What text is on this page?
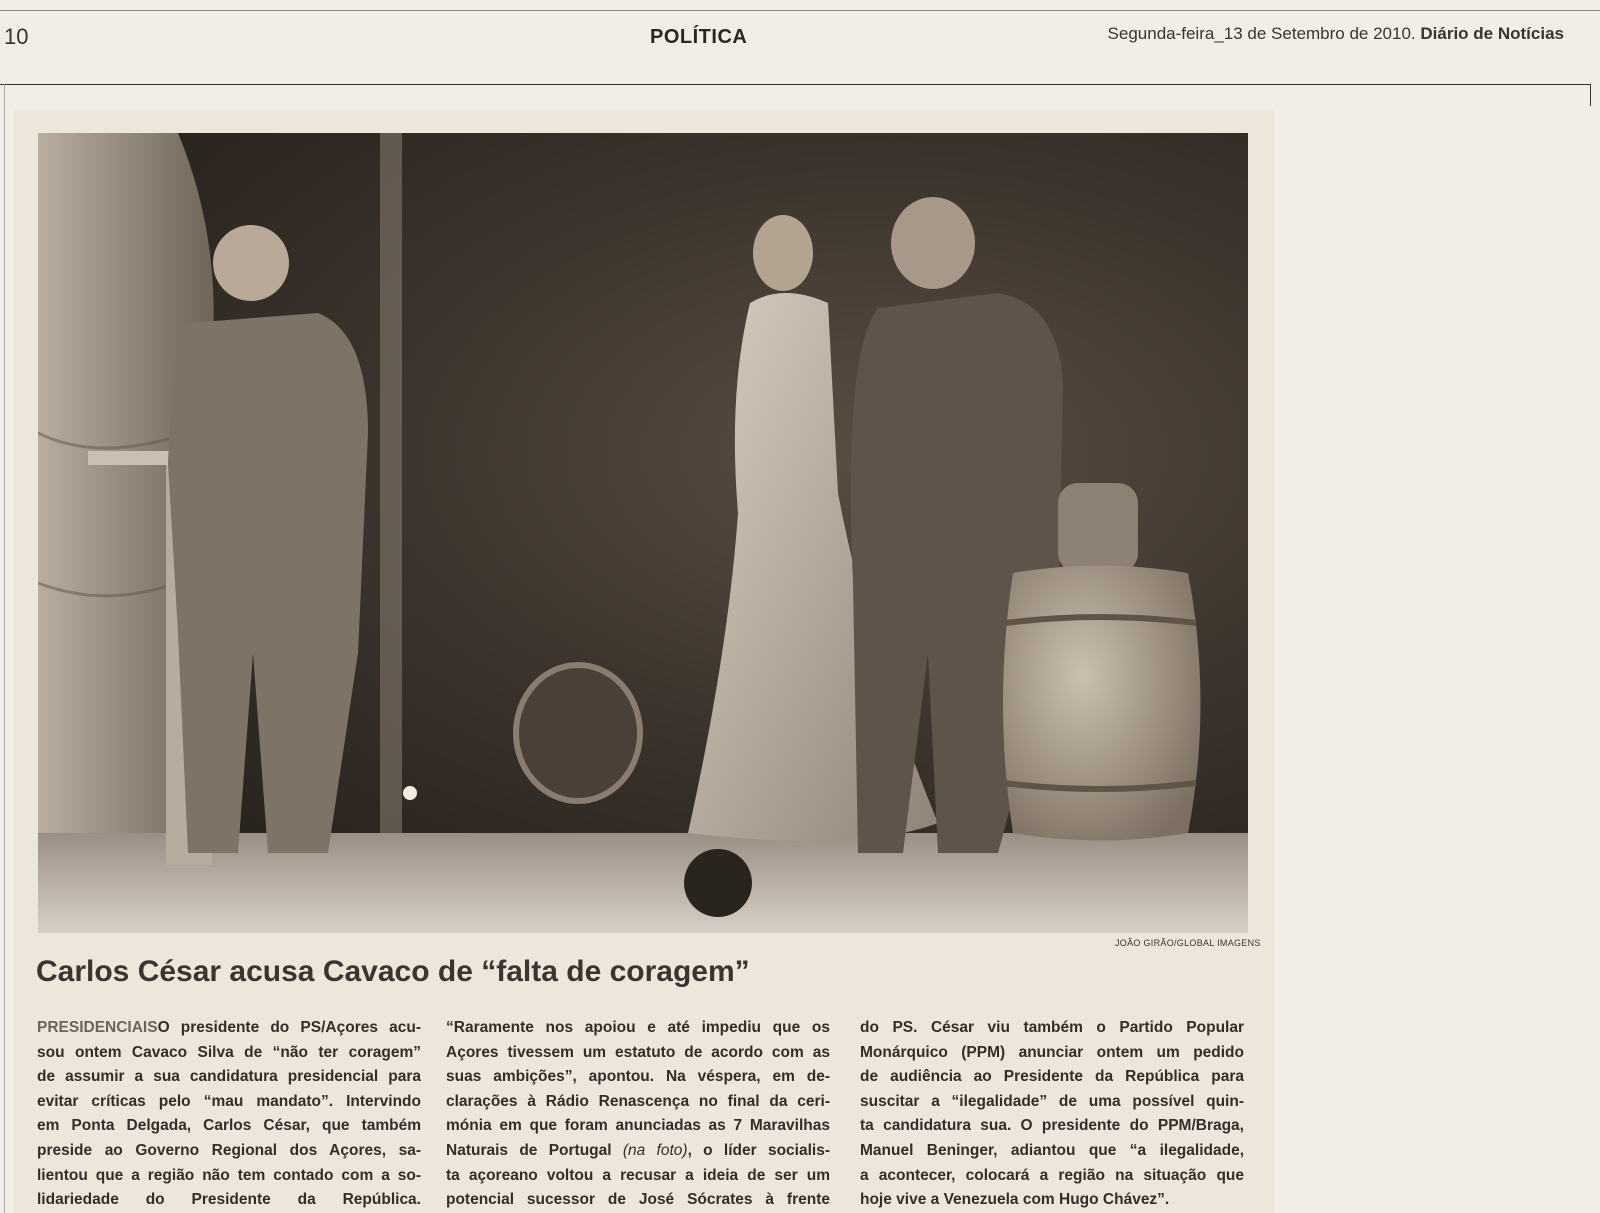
10	POLÍTICA	Segunda-feira_13 de Setembro de 2010. Diário de Notícias
JOÃO GIRÃO/GLOBAL IMAGENS
Carlos César acusa Cavaco de “falta de coragem”
PRESIDENCIAISO presidente do PS/Açores acu-
sou ontem Cavaco Silva de “não ter coragem”
de assumir a sua candidatura presidencial para
evitar críticas pelo “mau mandato”. Intervindo
em Ponta Delgada, Carlos César, que também
preside ao Governo Regional dos Açores, sa-
lientou que a região não tem contado com a so-
lidariedade do Presidente da República.
“Raramente nos apoiou e até impediu que os
Açores tivessem um estatuto de acordo com as
suas ambições”, apontou. Na véspera, em de-
clarações à Rádio Renascença no final da ceri-
mónia em que foram anunciadas as 7 Maravilhas
Naturais de Portugal (na foto), o líder socialis-
ta açoreano voltou a recusar a ideia de ser um
potencial sucessor de José Sócrates à frente
do PS. César viu também o Partido Popular
Monárquico (PPM) anunciar ontem um pedido
de audiência ao Presidente da República para
suscitar a “ilegalidade” de uma possível quin-
ta candidatura sua. O presidente do PPM/Braga,
Manuel Beninger, adiantou que “a ilegalidade,
a acontecer, colocará a região na situação que
hoje vive a Venezuela com Hugo Chávez”.
